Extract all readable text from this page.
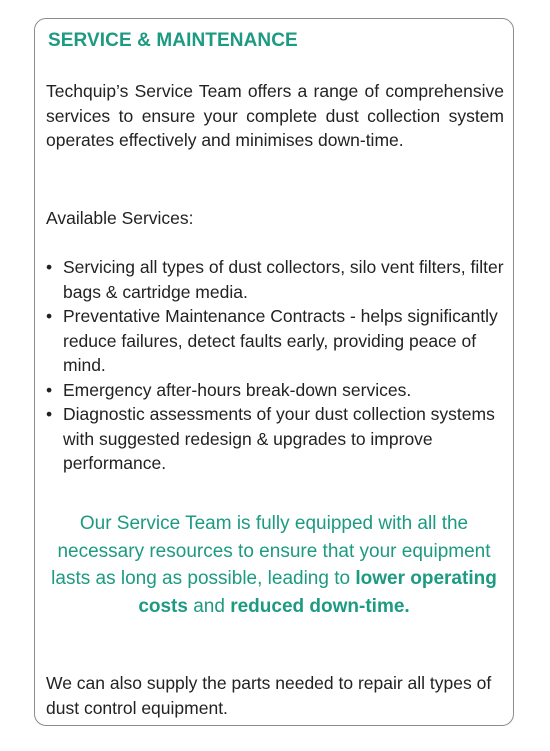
SERVICE & MAINTENANCE

Techquip’s Service Team offers a range of comprehensive services to ensure your complete dust collection system operates effectively and minimises down-time.

Available Services:

• Servicing all types of dust collectors, silo vent filters, filter bags & cartridge media.
• Preventative Maintenance Contracts - helps significantly reduce failures, detect faults early, providing peace of mind.
• Emergency after-hours break-down services.
• Diagnostic assessments of your dust collection systems with suggested redesign & upgrades to improve performance.

Our Service Team is fully equipped with all the necessary resources to ensure that your equipment lasts as long as possible, leading to lower operating costs and reduced down-time.

We can also supply the parts needed to repair all types of dust control equipment.
